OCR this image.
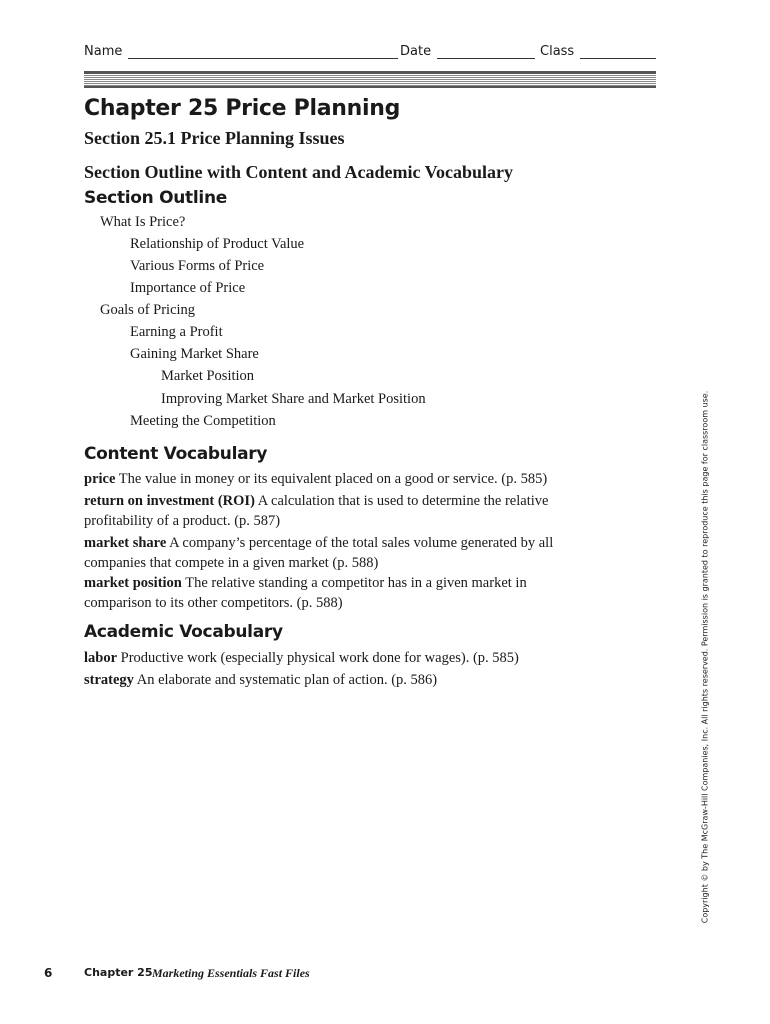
Name	Date	Class
Chapter 25 Price Planning
Section 25.1 Price Planning Issues
Section Outline with Content and Academic Vocabulary
Section Outline
What Is Price?
Relationship of Product Value
Various Forms of Price
Importance of Price
Goals of Pricing
Earning a Profit
Gaining Market Share
Market Position
Improving Market Share and Market Position
Meeting the Competition
Content Vocabulary
price The value in money or its equivalent placed on a good or service. (p. 585)
return on investment (ROI) A calculation that is used to determine the relative profitability of a product. (p. 587)
market share A company’s percentage of the total sales volume generated by all companies that compete in a given market (p. 588)
market position The relative standing a competitor has in a given market in comparison to its other competitors. (p. 588)
Academic Vocabulary
labor Productive work (especially physical work done for wages). (p. 585)
strategy An elaborate and systematic plan of action. (p. 586)	Copyright © by The McGraw-Hill Companies, Inc. All rights reserved. Permission is granted to reproduce this page for classroom use.
6	Chapter 25 Marketing Essentials Fast Files
